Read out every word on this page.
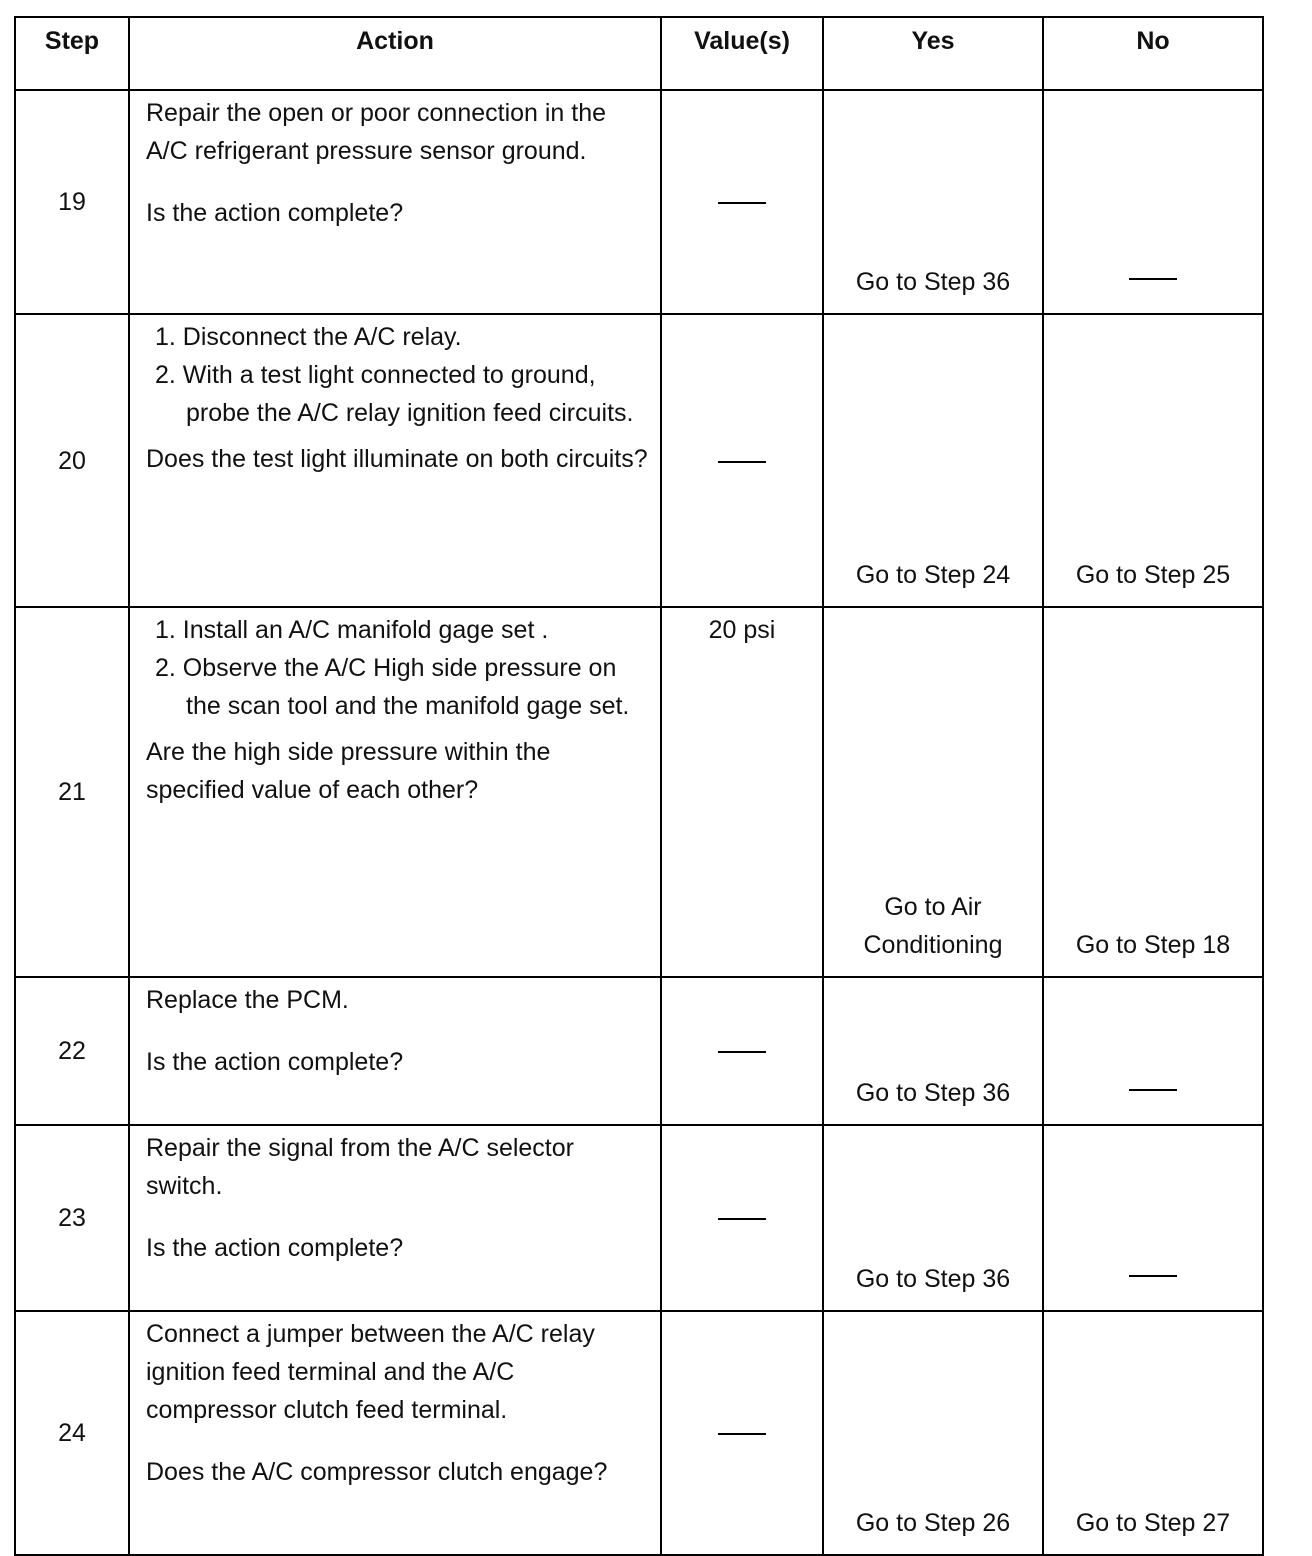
Step	Action	Value(s)	Yes	No
19	Repair the open or poor connection in the A/C refrigerant pressure sensor ground.

Is the action complete?		Go to Step 36	
20	1. Disconnect the A/C relay.

2. With a test light connected to ground, probe the A/C relay ignition feed circuits.

Does the test light illuminate on both circuits?		Go to Step 24	Go to Step 25
21	1. Install an A/C manifold gage set .

2. Observe the A/C High side pressure on the scan tool and the manifold gage set.

Are the high side pressure within the specified value of each other?	20 psi	Go to Air Conditioning	Go to Step 18
22	Replace the PCM.

Is the action complete?		Go to Step 36	
23	Repair the signal from the A/C selector switch.

Is the action complete?		Go to Step 36	
24	Connect a jumper between the A/C relay ignition feed terminal and the A/C compressor clutch feed terminal.

Does the A/C compressor clutch engage?		Go to Step 26	Go to Step 27
